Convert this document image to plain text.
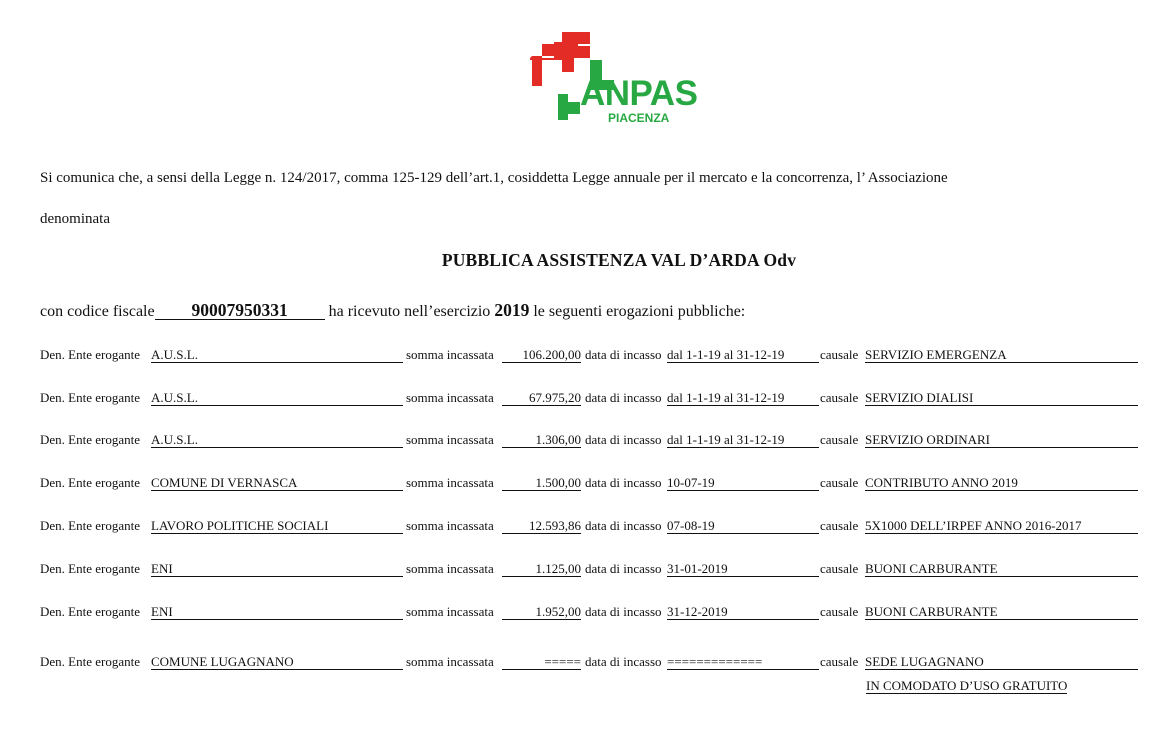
ANPAS
PIACENZA
Si comunica che, a sensi della Legge n. 124/2017, comma 125-129 dell’art.1, cosiddetta Legge annuale per il mercato e la concorrenza, l’ Associazione
denominata
PUBBLICA ASSISTENZA VAL D’ARDA Odv
con codice fiscale 90007950331	ha ricevuto nell’esercizio 2019 le seguenti erogazioni pubbliche:
Den. Ente erogante A.U.S.L.	somma incassata	106.200,00 data di incasso dal 1-1-19 al 31-12-19	causale SERVIZIO EMERGENZA
Den. Ente erogante A.U.S.L.	somma incassata	67.975,20 data di incasso dal 1-1-19 al 31-12-19	causale SERVIZIO DIALISI
Den. Ente erogante A.U.S.L.	somma incassata	1.306,00 data di incasso dal 1-1-19 al 31-12-19	causale SERVIZIO ORDINARI
Den. Ente erogante COMUNE DI VERNASCA	somma incassata	1.500,00 data di incasso 10-07-19	causale CONTRIBUTO ANNO 2019
Den. Ente erogante LAVORO POLITICHE SOCIALI	somma incassata	12.593,86 data di incasso 07-08-19	causale 5X1000 DELL’IRPEF ANNO 2016-2017
Den. Ente erogante ENI	somma incassata	1.125,00 data di incasso 31-01-2019	causale BUONI CARBURANTE
Den. Ente erogante ENI	somma incassata	1.952,00 data di incasso 31-12-2019	causale BUONI CARBURANTE
Den. Ente erogante COMUNE LUGAGNANO	somma incassata	===== data di incasso =============	causale SEDE LUGAGNANO
IN COMODATO D’USO GRATUITO
